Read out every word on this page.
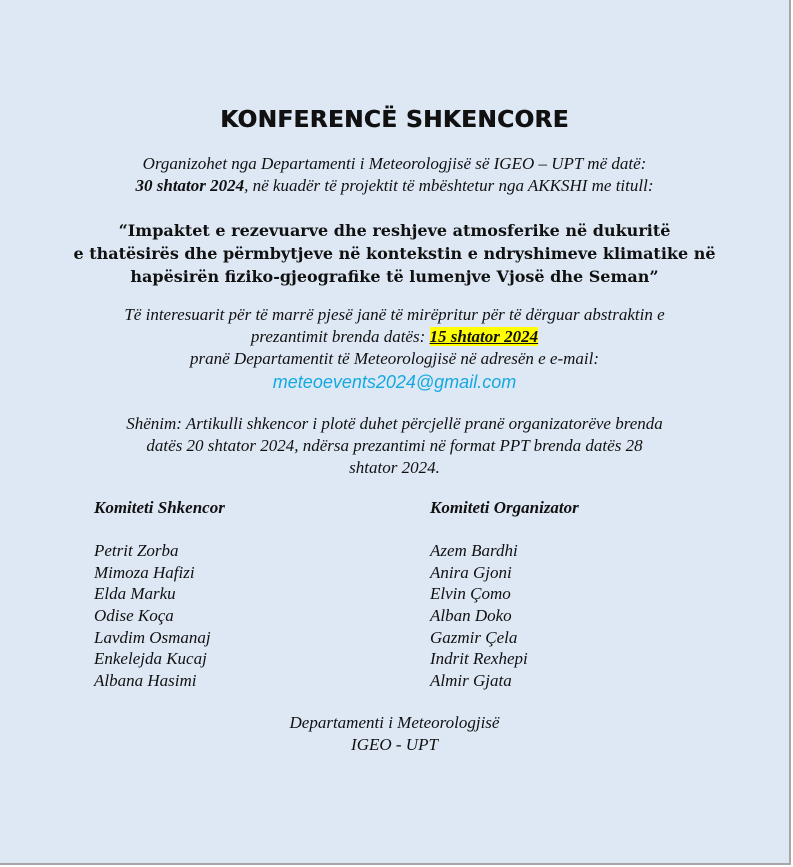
KONFERENCË SHKENCORE
Organizohet nga Departamenti i Meteorologjisë së IGEO – UPT më datë:
30 shtator 2024, në kuadër të projektit të mbështetur nga AKKSHI me titull:
“Impaktet e rezevuarve dhe reshjeve atmosferike në dukuritë
e thatësirës dhe përmbytjeve në kontekstin e ndryshimeve klimatike në
hapësirën fiziko-gjeografike të lumenjve Vjosë dhe Seman”
Të interesuarit për të marrë pjesë janë të mirëpritur për të dërguar abstraktin e
prezantimit brenda datës: 15 shtator 2024
pranë Departamentit të Meteorologjisë në adresën e e-mail:
meteoevents2024@gmail.com
Shënim: Artikulli shkencor i plotë duhet përcjellë pranë organizatorëve brenda
datës 20 shtator 2024, ndërsa prezantimi në format PPT brenda datës 28
shtator 2024.
Komiteti Shkencor
Petrit Zorba
Mimoza Hafizi
Elda Marku
Odise Koça
Lavdim Osmanaj
Enkelejda Kucaj
Albana Hasimi
Komiteti Organizator
Azem Bardhi
Anira Gjoni
Elvin Çomo
Alban Doko
Gazmir Çela
Indrit Rexhepi
Almir Gjata
Departamenti i Meteorologjisë
IGEO - UPT
